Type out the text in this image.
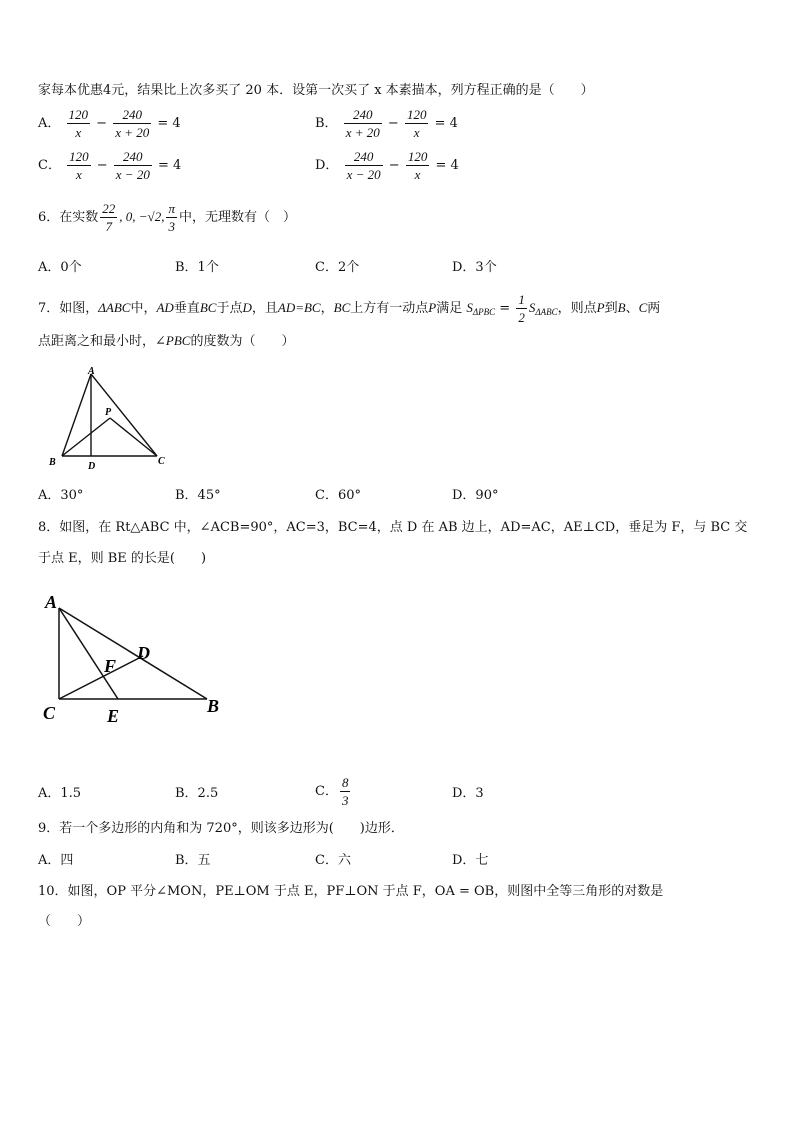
家每本优惠4元，结果比上次多买了 20 本．设第一次买了 x 本素描本，列方程正确的是（　　）
A． $\frac{120}{x} - \frac{240}{x + 20} = 4$	B． $\frac{240}{x + 20} - \frac{120}{x} = 4$
C． $\frac{120}{x} - \frac{240}{x - 20} = 4$	D． $\frac{240}{x - 20} - \frac{120}{x} = 4$
6．在实数 $\frac{22}{7}$ , 0, −√2, $\frac{\pi}{3}$ 中，无理数有（　）
A．0个	B．1个	C．2个	D．3个
7．如图，ΔABC中，AD垂直BC于点D，且AD=BC，BC上方有一动点P满足 $S_{\Delta PBC} = \frac{1}{2} S_{\Delta ABC}$，则点P到B、C两
点距离之和最小时，∠PBC的度数为（　　）
A
B	C
D
P
A．30°	B．45°	C．60°	D．90°
8．如图，在 Rt△ABC 中，∠ACB=90°，AC=3，BC=4，点 D 在 AB 边上，AD=AC，AE⊥CD，垂足为 F，与 BC 交
于点 E，则 BE 的长是(　　)
A
C	E	B
F
D
A．1.5	B．2.5	C． $\frac{8}{3}$	D．3
9．若一个多边形的内角和为 720°，则该多边形为(　　)边形．
A．四	B．五	C．六	D．七
10．如图，OP 平分∠MON，PE⊥OM 于点 E，PF⊥ON 于点 F，OA = OB，则图中全等三角形的对数是
（　　）
